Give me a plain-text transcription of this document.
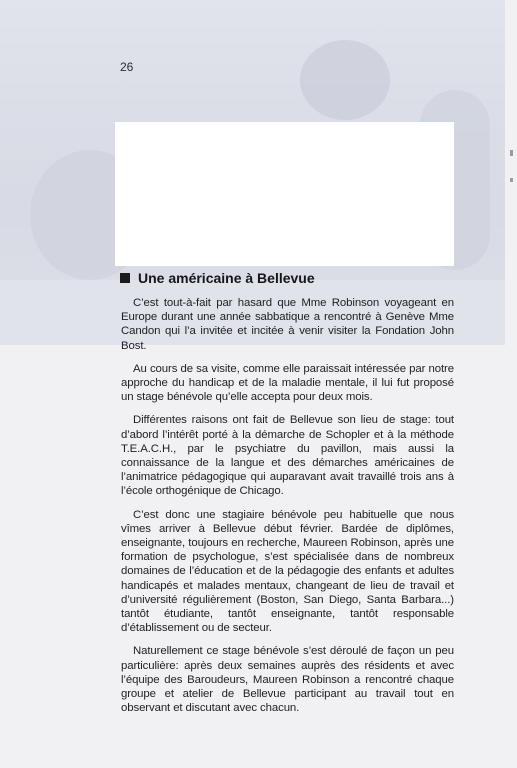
26
Une américaine à Bellevue

C’est tout-à-fait par hasard que Mme Robinson voyageant en Europe durant une année sabbatique a rencontré à Genève Mme Candon qui l’a invitée et incitée à venir visiter la Fondation John Bost.

Au cours de sa visite, comme elle paraissait intéressée par notre approche du handicap et de la maladie mentale, il lui fut proposé un stage bénévole qu’elle accepta pour deux mois.

Différentes raisons ont fait de Bellevue son lieu de stage: tout d’abord l’intérêt porté à la démarche de Schopler et à la méthode T.E.A.C.H., par le psychiatre du pavillon, mais aussi la connaissance de la langue et des démarches américaines de l’animatrice pédagogique qui auparavant avait travaillé trois ans à l’école orthogénique de Chicago.

C’est donc une stagiaire bénévole peu habituelle que nous vîmes arriver à Bellevue début février. Bardée de diplômes, enseignante, toujours en recherche, Maureen Robinson, après une formation de psychologue, s’est spécialisée dans de nombreux domaines de l’éducation et de la pédagogie des enfants et adultes handicapés et malades mentaux, changeant de lieu de travail et d’université régulièrement (Boston, San Diego, Santa Barbara...) tantôt étudiante, tantôt enseignante, tantôt responsable d’établissement ou de secteur.

Naturellement ce stage bénévole s’est déroulé de façon un peu particulière: après deux semaines auprès des résidents et avec l’équipe des Baroudeurs, Maureen Robinson a rencontré chaque groupe et atelier de Bellevue participant au travail tout en observant et discutant avec chacun.
